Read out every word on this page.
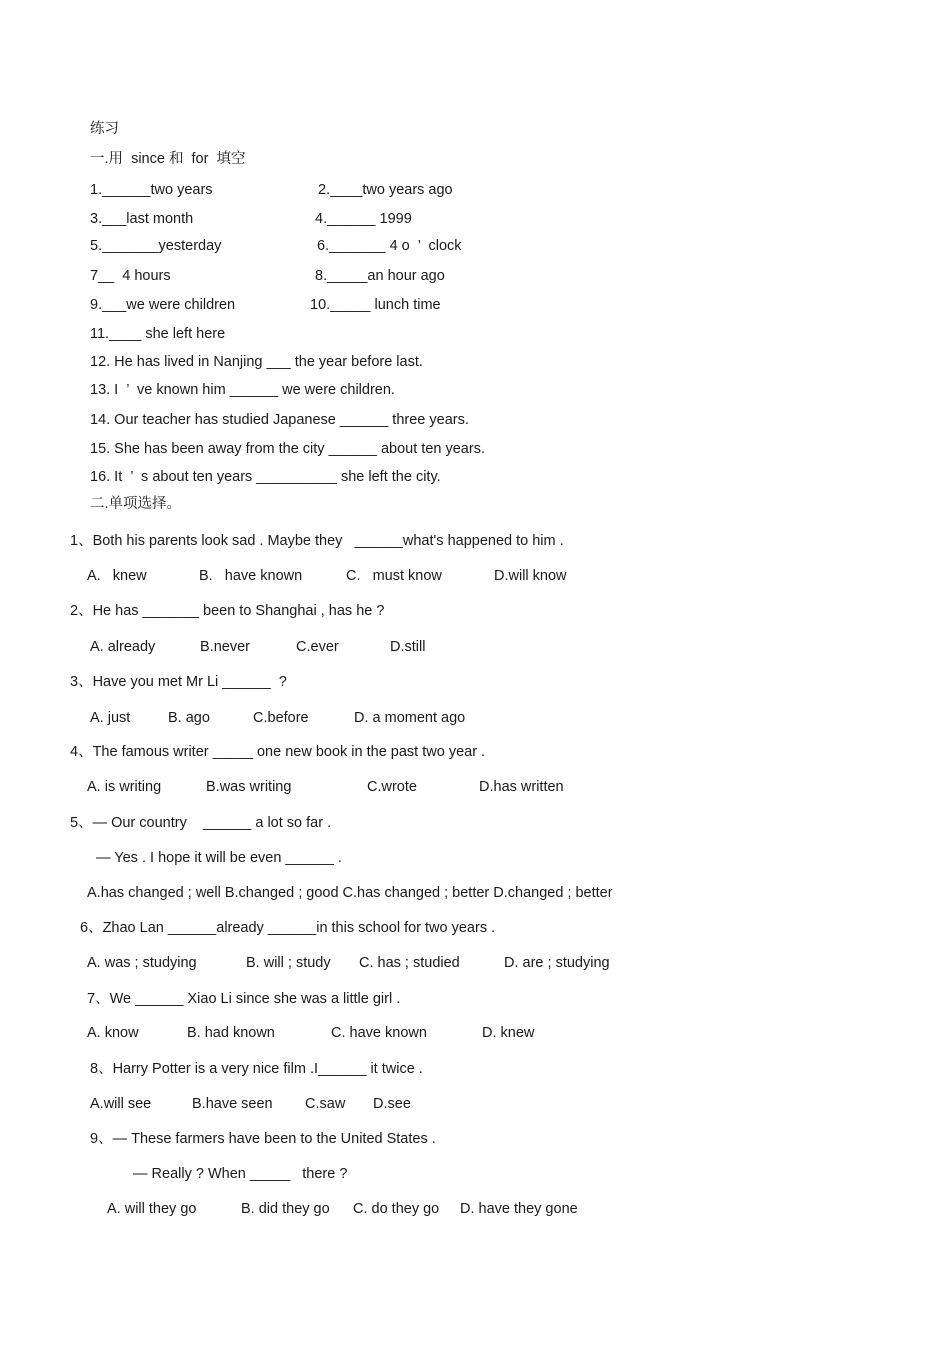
练习
一.用  since 和  for  填空
1.______two years	2.____two years ago
3.___last month	4.______ 1999
5._______yesterday	6._______ 4 o  ’  clock
7__  4 hours	8._____an hour ago
9.___we were children	10._____ lunch time
11.____ she left here
12. He has lived in Nanjing ___ the year before last.
13. I  ’  ve known him ______ we were children.
14. Our teacher has studied Japanese ______ three years.
15. She has been away from the city ______ about ten years.
16. It  ’  s about ten years __________ she left the city.
二.单项选择。
1、Both his parents look sad . Maybe they   ______what's happened to him .
A.   knew	B.   have known	C.   must know	D.will know
2、He has _______ been to Shanghai , has he ?
A. already	B.never	C.ever	D.still
3、Have you met Mr Li ______  ?
A. just	B. ago	C.before	D. a moment ago
4、The famous writer _____ one new book in the past two year .
A. is writing	B.was writing	C.wrote	D.has written
5、— Our country    ______ a lot so far .
— Yes . I hope it will be even ______ .
A.has changed ; well B.changed ; good C.has changed ; better D.changed ; better
6、Zhao Lan ______already ______in this school for two years .
A. was ; studying	B. will ; study C. has ; studied	D. are ; studying
7、We ______ Xiao Li since she was a little girl .
A. know	B. had known	C. have known	D. knew
8、Harry Potter is a very nice film .I______ it twice .
A.will see	B.have seen C.saw D.see
9、— These farmers have been to the United States .
— Really ? When _____   there ?
A. will they go	B. did they go C. do they go D. have they gone
